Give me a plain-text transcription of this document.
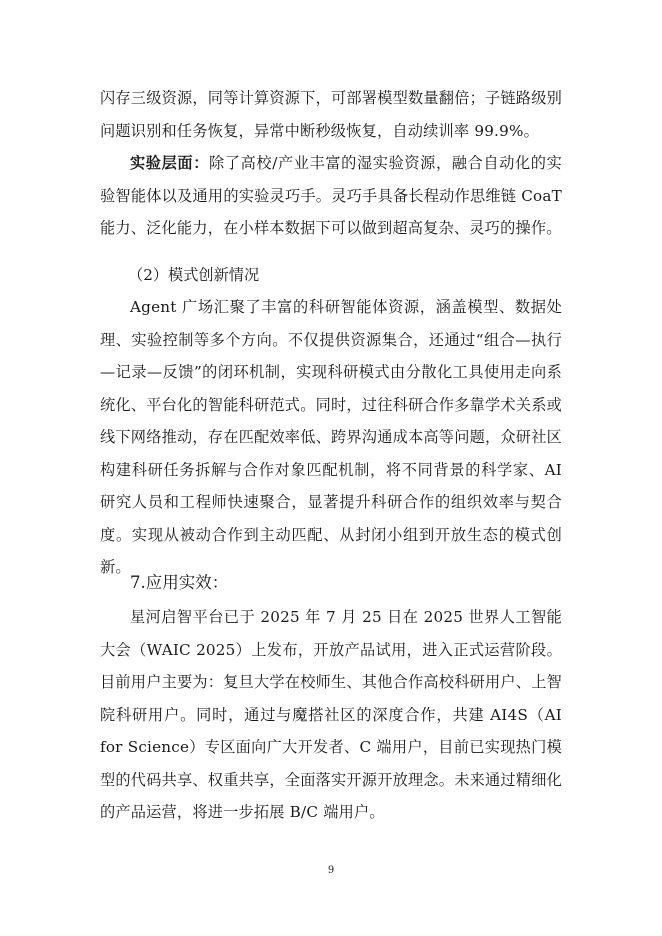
闪存三级资源，同等计算资源下，可部署模型数量翻倍；子链路级别问题识别和任务恢复，异常中断秒级恢复，自动续训率 99.9%。

实验层面：除了高校/产业丰富的湿实验资源，融合自动化的实验智能体以及通用的实验灵巧手。灵巧手具备长程动作思维链 CoaT 能力、泛化能力，在小样本数据下可以做到超高复杂、灵巧的操作。

（2）模式创新情况

Agent 广场汇聚了丰富的科研智能体资源，涵盖模型、数据处理、实验控制等多个方向。不仅提供资源集合，还通过“组合—执行—记录—反馈”的闭环机制，实现科研模式由分散化工具使用走向系统化、平台化的智能科研范式。同时，过往科研合作多靠学术关系或线下网络推动，存在匹配效率低、跨界沟通成本高等问题，众研社区构建科研任务拆解与合作对象匹配机制，将不同背景的科学家、AI 研究人员和工程师快速聚合，显著提升科研合作的组织效率与契合度。实现从被动合作到主动匹配、从封闭小组到开放生态的模式创新。

7.应用实效：

星河启智平台已于 2025 年 7 月 25 日在 2025 世界人工智能大会（WAIC 2025）上发布，开放产品试用，进入正式运营阶段。目前用户主要为：复旦大学在校师生、其他合作高校科研用户、上智院科研用户。同时，通过与魔搭社区的深度合作，共建 AI4S（AI for Science）专区面向广大开发者、C 端用户，目前已实现热门模型的代码共享、权重共享，全面落实开源开放理念。未来通过精细化的产品运营，将进一步拓展 B/C 端用户。

9
